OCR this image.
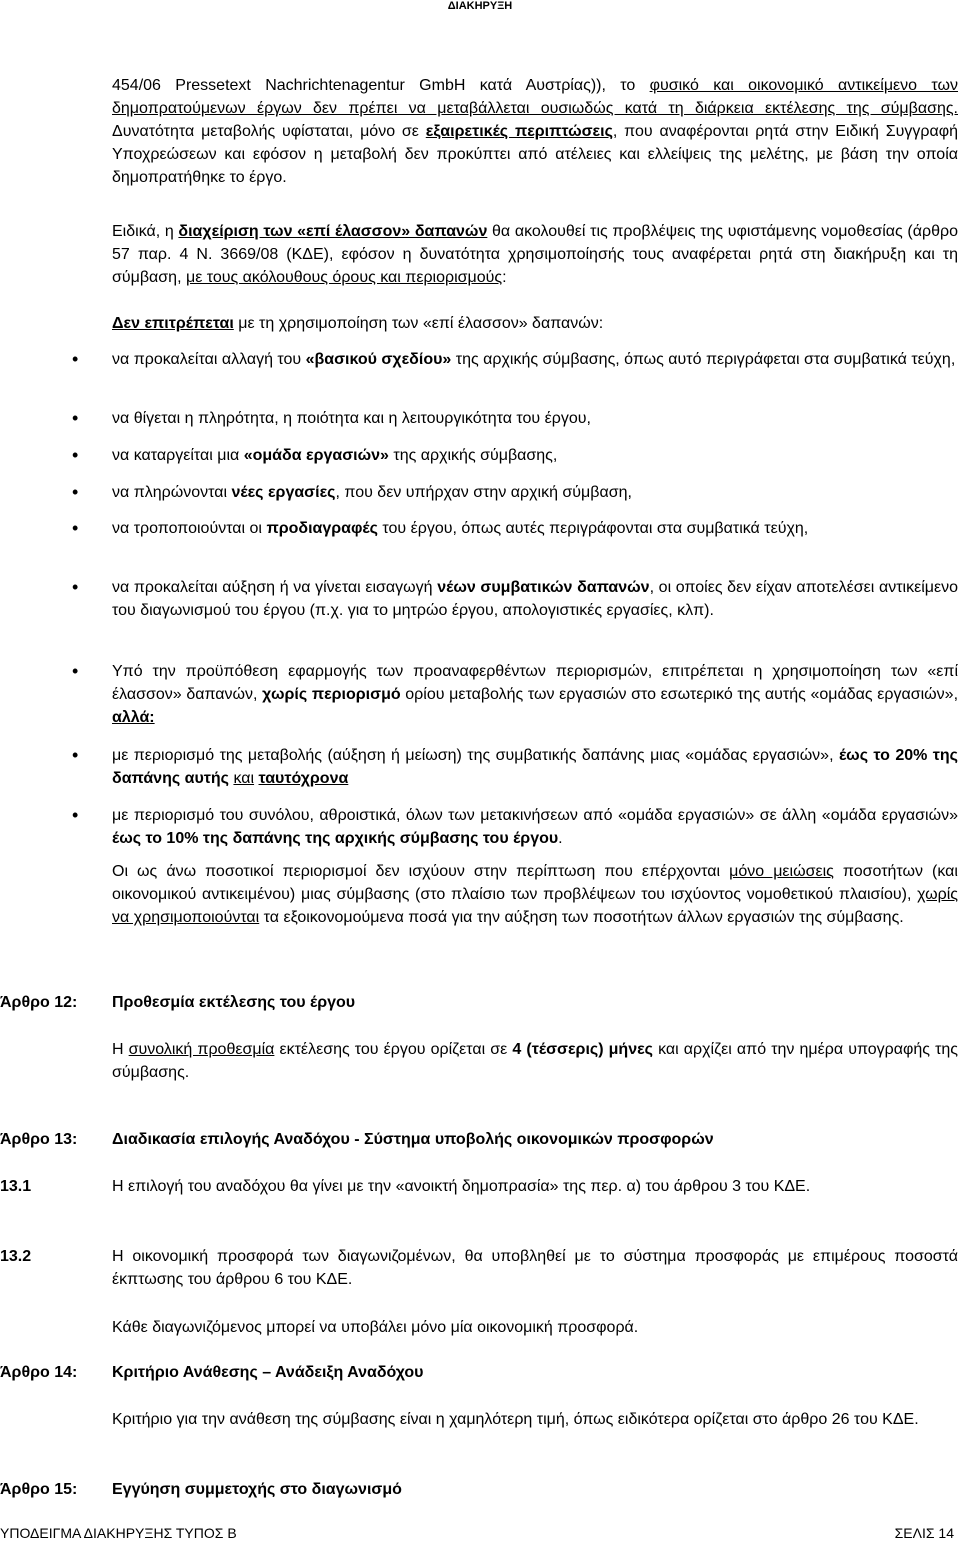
ΔΙΑΚΗΡΥΞΗ

454/06 Pressetext Nachrichtenagentur GmbH κατά Αυστρίας)), το φυσικό και οικονομικό αντικείμενο των δημοπρατούμενων έργων δεν πρέπει να μεταβάλλεται ουσιωδώς κατά τη διάρκεια εκτέλεσης της σύμβασης. Δυνατότητα μεταβολής υφίσταται, μόνο σε εξαιρετικές περιπτώσεις, που αναφέρονται ρητά στην Ειδική Συγγραφή Υποχρεώσεων και εφόσον η μεταβολή δεν προκύπτει από ατέλειες και ελλείψεις της μελέτης, με βάση την οποία δημοπρατήθηκε το έργο.

Ειδικά, η διαχείριση των «επί έλασσον» δαπανών θα ακολουθεί τις προβλέψεις της υφιστάμενης νομοθεσίας (άρθρο 57 παρ. 4 Ν. 3669/08 (ΚΔΕ), εφόσον η δυνατότητα χρησιμοποίησής τους αναφέρεται ρητά στη διακήρυξη και τη σύμβαση, με τους ακόλουθους όρους και περιορισμούς:

Δεν επιτρέπεται με τη χρησιμοποίηση των «επί έλασσον» δαπανών:

•	να προκαλείται αλλαγή του «βασικού σχεδίου» της αρχικής σύμβασης, όπως αυτό περιγράφεται στα συμβατικά τεύχη,
•	να θίγεται η πληρότητα, η ποιότητα και η λειτουργικότητα του έργου,
•	να καταργείται μια «ομάδα εργασιών» της αρχικής σύμβασης,
•	να πληρώνονται νέες εργασίες, που δεν υπήρχαν στην αρχική σύμβαση,
•	να τροποποιούνται οι προδιαγραφές του έργου, όπως αυτές περιγράφονται στα συμβατικά τεύχη,
•	να προκαλείται αύξηση ή να γίνεται εισαγωγή νέων συμβατικών δαπανών, οι οποίες δεν είχαν αποτελέσει αντικείμενο του διαγωνισμού του έργου (π.χ. για το μητρώο έργου, απολογιστικές εργασίες, κλπ).
•	Υπό την προϋπόθεση εφαρμογής των προαναφερθέντων περιορισμών, επιτρέπεται η χρησιμοποίηση των «επί έλασσον» δαπανών, χωρίς περιορισμό ορίου μεταβολής των εργασιών στο εσωτερικό της αυτής «ομάδας εργασιών», αλλά:
•	με περιορισμό της μεταβολής (αύξηση ή μείωση) της συμβατικής δαπάνης μιας «ομάδας εργασιών», έως το 20% της δαπάνης αυτής και ταυτόχρονα
•	με περιορισμό του συνόλου, αθροιστικά, όλων των μετακινήσεων από «ομάδα εργασιών» σε άλλη «ομάδα εργασιών» έως το 10% της δαπάνης της αρχικής σύμβασης του έργου.

Οι ως άνω ποσοτικοί περιορισμοί δεν ισχύουν στην περίπτωση που επέρχονται μόνο μειώσεις ποσοτήτων (και οικονομικού αντικειμένου) μιας σύμβασης (στο πλαίσιο των προβλέψεων του ισχύοντος νομοθετικού πλαισίου), χωρίς να χρησιμοποιούνται τα εξοικονομούμενα ποσά για την αύξηση των ποσοτήτων άλλων εργασιών της σύμβασης.

Άρθρο 12: Προθεσμία εκτέλεσης του έργου

Η συνολική προθεσμία εκτέλεσης του έργου ορίζεται σε 4 (τέσσερις) μήνες και αρχίζει από την ημέρα υπογραφής της σύμβασης.

Άρθρο 13: Διαδικασία επιλογής Αναδόχου - Σύστημα υποβολής οικονομικών προσφορών
13.1	Η επιλογή του αναδόχου θα γίνει με την «ανοικτή δημοπρασία» της περ. α) του άρθρου 3 του ΚΔΕ.
13.2	Η οικονομική προσφορά των διαγωνιζομένων, θα υποβληθεί με το σύστημα προσφοράς με επιμέρους ποσοστά έκπτωσης του άρθρου 6 του ΚΔΕ.

Κάθε διαγωνιζόμενος μπορεί να υποβάλει μόνο μία οικονομική προσφορά.

Άρθρο 14: Κριτήριο Ανάθεσης – Ανάδειξη Αναδόχου

Κριτήριο για την ανάθεση της σύμβασης είναι η χαμηλότερη τιμή, όπως ειδικότερα ορίζεται στο άρθρο 26 του ΚΔΕ.

Άρθρο 15: Εγγύηση συμμετοχής στο διαγωνισμό
ΥΠΟΔΕΙΓΜΑ ΔΙΑΚΗΡΥΞΗΣ ΤΥΠΟΣ Β	ΣΕΛΙΣ 14
